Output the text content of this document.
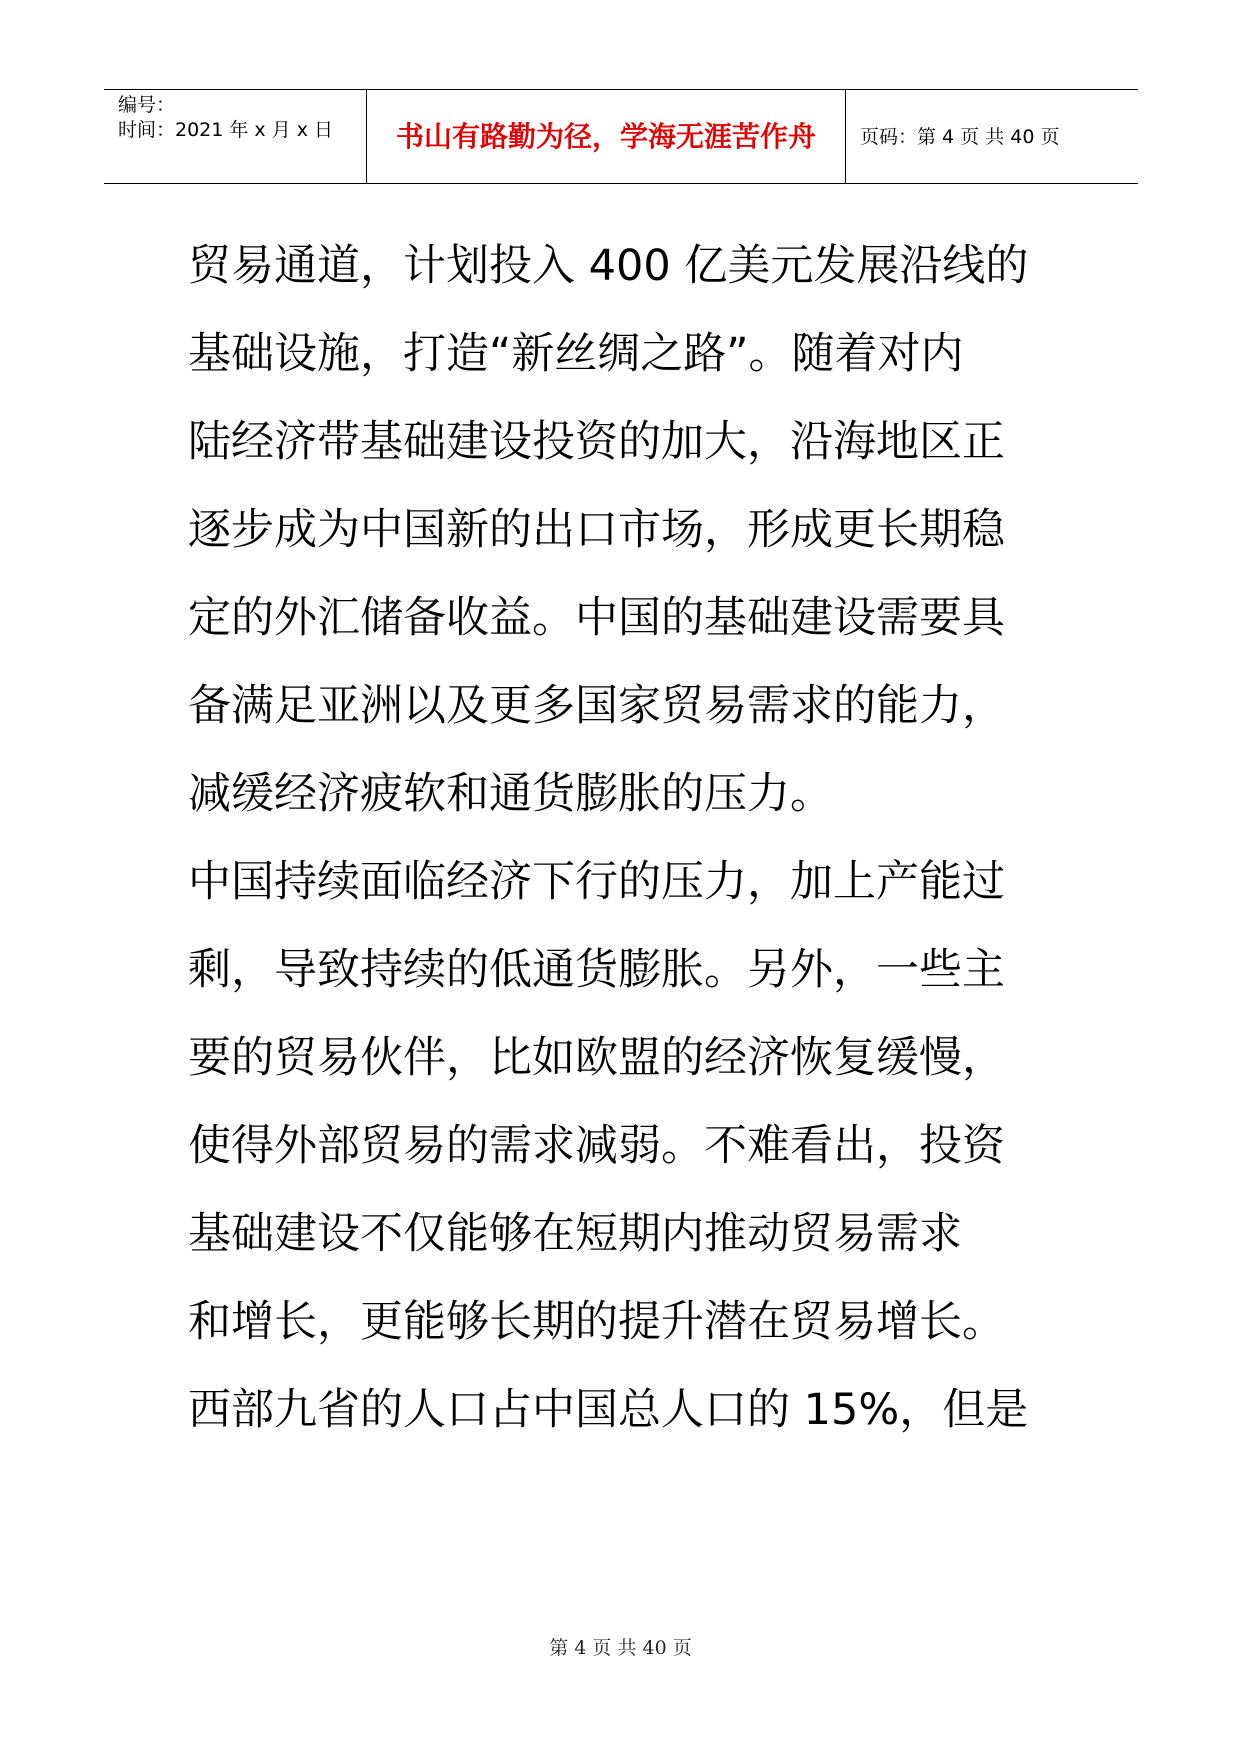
编号：
时间：2021 年 x 月 x 日	书山有路勤为径，学海无涯苦作舟	页码：第 4 页 共 40 页
贸易通道，计划投入 400 亿美元发展沿线的
基础设施，打造“新丝绸之路”。随着对内
陆经济带基础建设投资的加大，沿海地区正
逐步成为中国新的出口市场，形成更长期稳
定的外汇储备收益。中国的基础建设需要具
备满足亚洲以及更多国家贸易需求的能力，
减缓经济疲软和通货膨胀的压力。
中国持续面临经济下行的压力，加上产能过
剩，导致持续的低通货膨胀。另外，一些主
要的贸易伙伴，比如欧盟的经济恢复缓慢，
使得外部贸易的需求减弱。不难看出，投资
基础建设不仅能够在短期内推动贸易需求
和增长，更能够长期的提升潜在贸易增长。
西部九省的人口占中国总人口的 15%，但是
第 4 页 共 40 页
